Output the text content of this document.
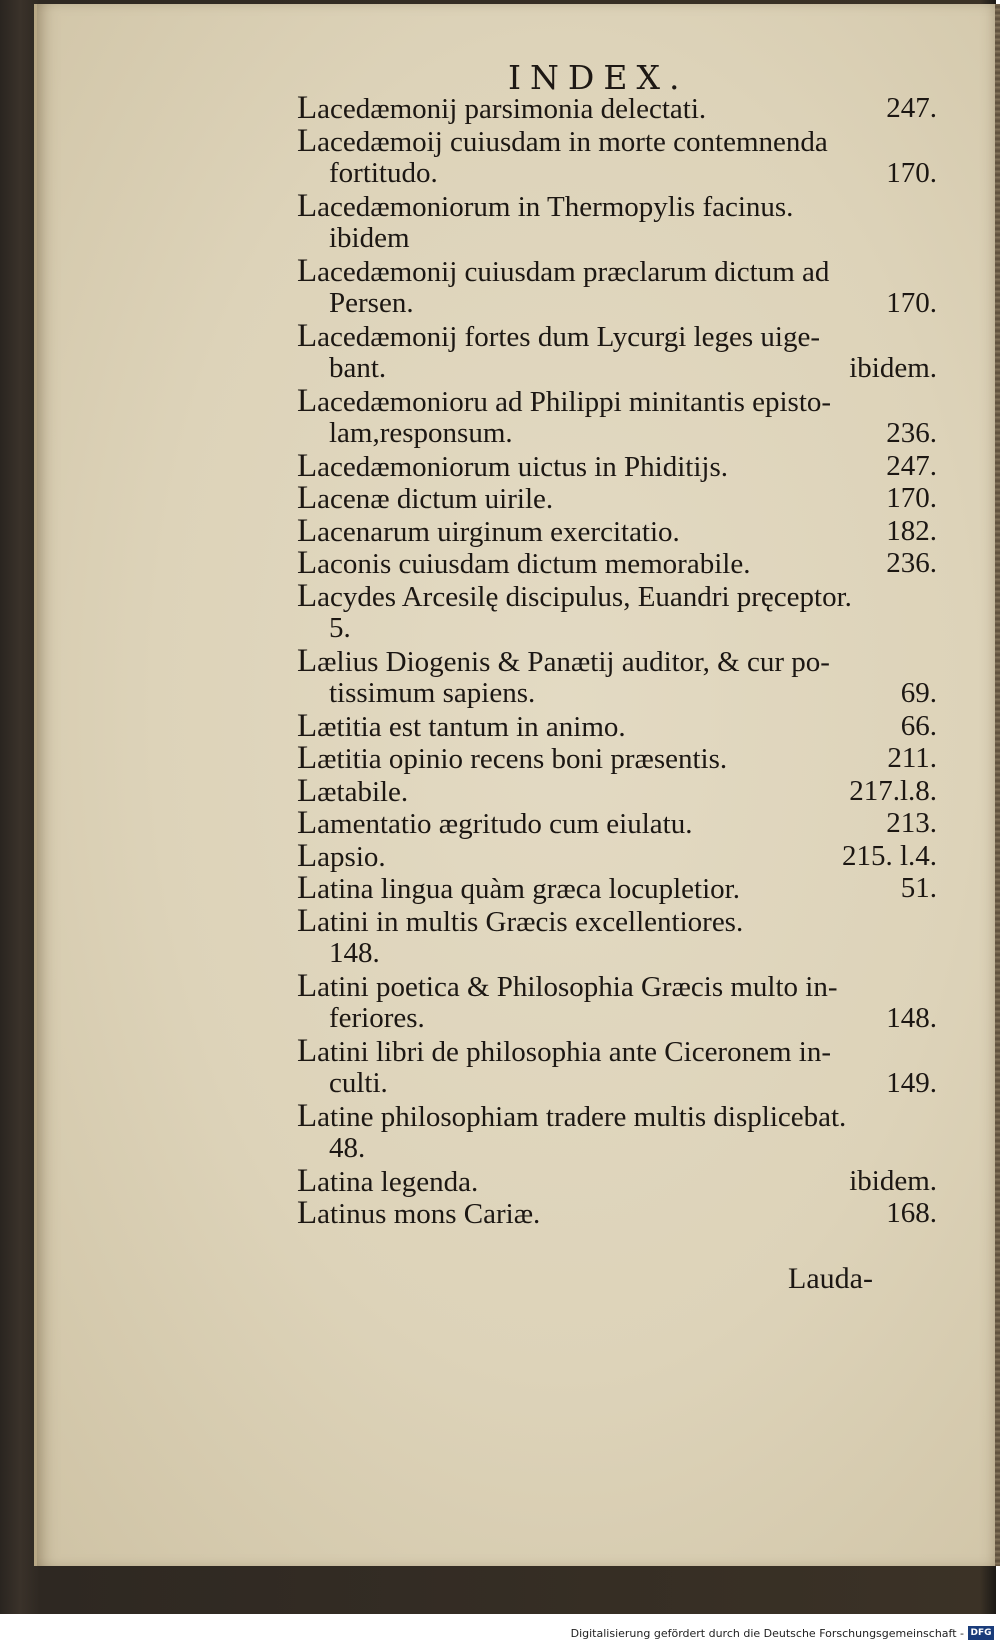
INDEX.
Lacedæmonij parsimonia delectati.	247.
Lacedæmoij cuiusdam in morte contemnenda
fortitudo.	170.
Lacedæmoniorum in Thermopylis facinus.
ibidem
Lacedæmonij cuiusdam præclarum dictum ad
Persen.	170.
Lacedæmonij fortes dum Lycurgi leges uige-
bant.	ibidem.
Lacedæmonioru ad Philippi minitantis episto-
lam,responsum.	236.
Lacedæmoniorum uictus in Phiditijs.	247.
Lacenæ dictum uirile.	170.
Lacenarum uirginum exercitatio.	182.
Laconis cuiusdam dictum memorabile.	236.
Lacydes Arcesilę discipulus, Euandri pręceptor.
5.
Lælius Diogenis & Panætij auditor, & cur po-
tissimum sapiens.	69.
Lætitia est tantum in animo.	66.
Lætitia opinio recens boni præsentis.	211.
Lætabile.	217.l.8.
Lamentatio ægritudo cum eiulatu.	213.
Lapsio.	215. l.4.
Latina lingua quàm græca locupletior.	51.
Latini in multis Græcis excellentiores.
148.
Latini poetica & Philosophia Græcis multo in-
feriores.	148.
Latini libri de philosophia ante Ciceronem in-
culti.	149.
Latine philosophiam tradere multis displicebat.
48.
Latina legenda.	ibidem.
Latinus mons Cariæ.	168.
Lauda-
Digitalisierung gefördert durch die Deutsche Forschungsgemeinschaft - DFG
